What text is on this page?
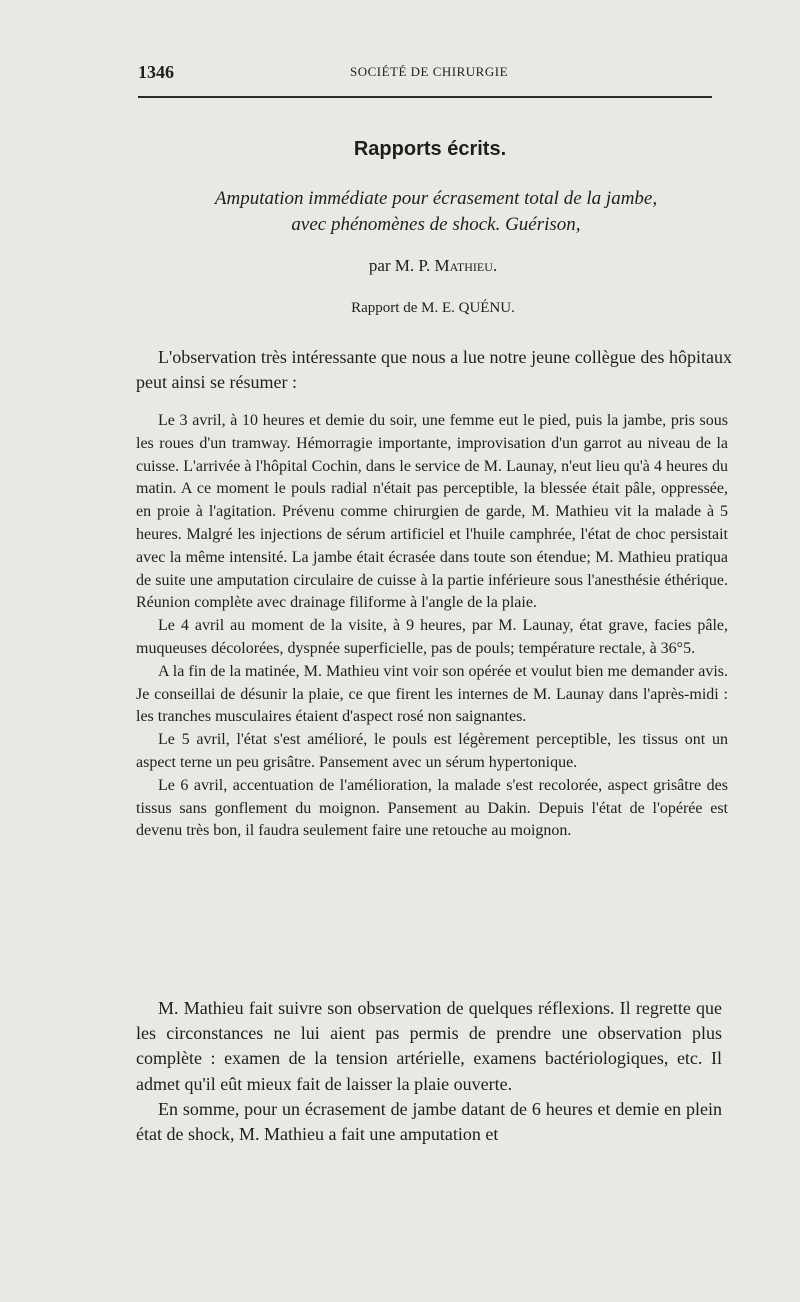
1346	SOCIÉTÉ DE CHIRURGIE
Rapports écrits.
Amputation immédiate pour écrasement total de la jambe,
avec phénomènes de shock. Guérison,
par M. P. Mathieu.
Rapport de M. E. QUÉNU.

L'observation très intéressante que nous a lue notre jeune collègue des hôpitaux peut ainsi se résumer :

Le 3 avril, à 10 heures et demie du soir, une femme eut le pied, puis la jambe, pris sous les roues d'un tramway. Hémorragie importante, improvisation d'un garrot au niveau de la cuisse. L'arrivée à l'hôpital Cochin, dans le service de M. Launay, n'eut lieu qu'à 4 heures du matin. A ce moment le pouls radial n'était pas perceptible, la blessée était pâle, oppressée, en proie à l'agitation. Prévenu comme chirurgien de garde, M. Mathieu vit la malade à 5 heures. Malgré les injections de sérum artificiel et l'huile camphrée, l'état de choc persistait avec la même intensité. La jambe était écrasée dans toute son étendue; M. Mathieu pratiqua de suite une amputation circulaire de cuisse à la partie inférieure sous l'anesthésie éthérique. Réunion complète avec drainage filiforme à l'angle de la plaie.

Le 4 avril au moment de la visite, à 9 heures, par M. Launay, état grave, facies pâle, muqueuses décolorées, dyspnée superficielle, pas de pouls; température rectale, à 36°5.

A la fin de la matinée, M. Mathieu vint voir son opérée et voulut bien me demander avis. Je conseillai de désunir la plaie, ce que firent les internes de M. Launay dans l'après-midi : les tranches musculaires étaient d'aspect rosé non saignantes.

Le 5 avril, l'état s'est amélioré, le pouls est légèrement perceptible, les tissus ont un aspect terne un peu grisâtre. Pansement avec un sérum hypertonique.

Le 6 avril, accentuation de l'amélioration, la malade s'est recolorée, aspect grisâtre des tissus sans gonflement du moignon. Pansement au Dakin. Depuis l'état de l'opérée est devenu très bon, il faudra seulement faire une retouche au moignon.

M. Mathieu fait suivre son observation de quelques réflexions. Il regrette que les circonstances ne lui aient pas permis de prendre une observation plus complète : examen de la tension artérielle, examens bactériologiques, etc. Il admet qu'il eût mieux fait de laisser la plaie ouverte.

En somme, pour un écrasement de jambe datant de 6 heures et demie en plein état de shock, M. Mathieu a fait une amputation et
